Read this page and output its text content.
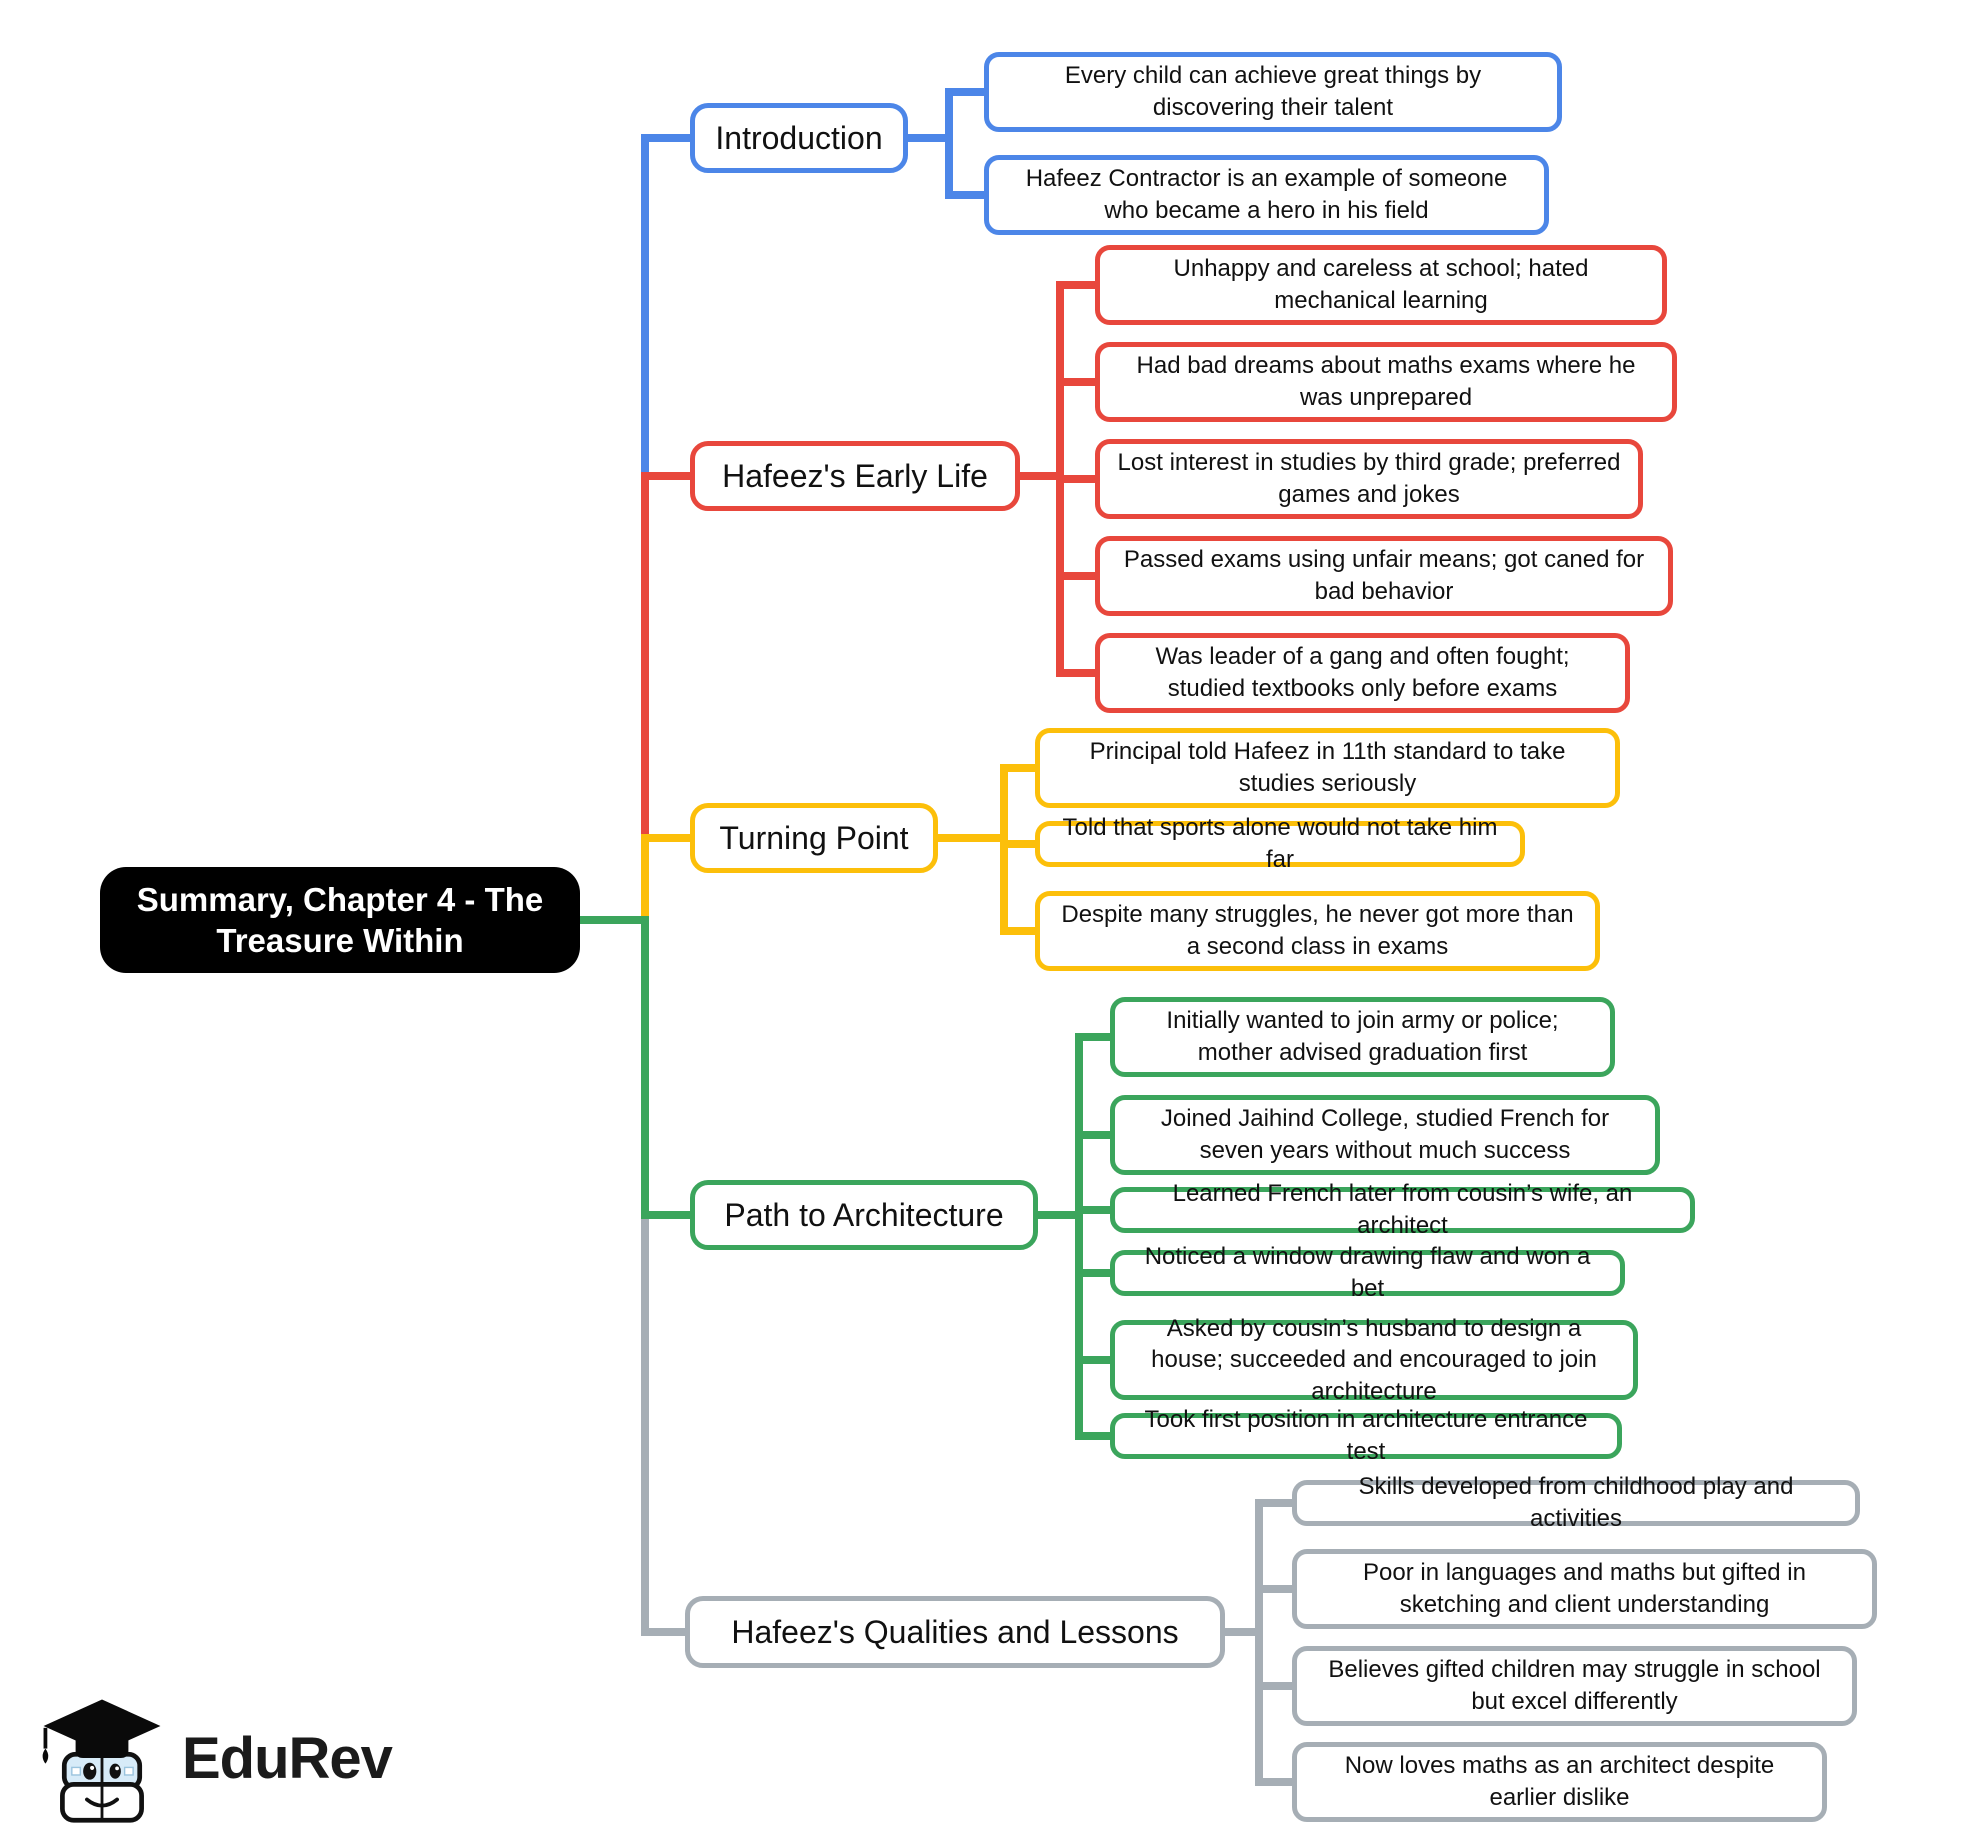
Summary, Chapter 4 - The Treasure Within
Introduction
Hafeez's Early Life
Turning Point
Path to Architecture
Hafeez's Qualities and Lessons
Every child can achieve great things by discovering their talent
Hafeez Contractor is an example of someone who became a hero in his field
Unhappy and careless at school; hated mechanical learning
Had bad dreams about maths exams where he was unprepared
Lost interest in studies by third grade; preferred games and jokes
Passed exams using unfair means; got caned for bad behavior
Was leader of a gang and often fought; studied textbooks only before exams
Principal told Hafeez in 11th standard to take studies seriously
Told that sports alone would not take him far
Despite many struggles, he never got more than a second class in exams
Initially wanted to join army or police; mother advised graduation first
Joined Jaihind College, studied French for seven years without much success
Learned French later from cousin’s wife, an architect
Noticed a window drawing flaw and won a bet
Asked by cousin’s husband to design a house; succeeded and encouraged to join architecture
Took first position in architecture entrance test
Skills developed from childhood play and activities
Poor in languages and maths but gifted in sketching and client understanding
Believes gifted children may struggle in school but excel differently
Now loves maths as an architect despite earlier dislike
EduRev
